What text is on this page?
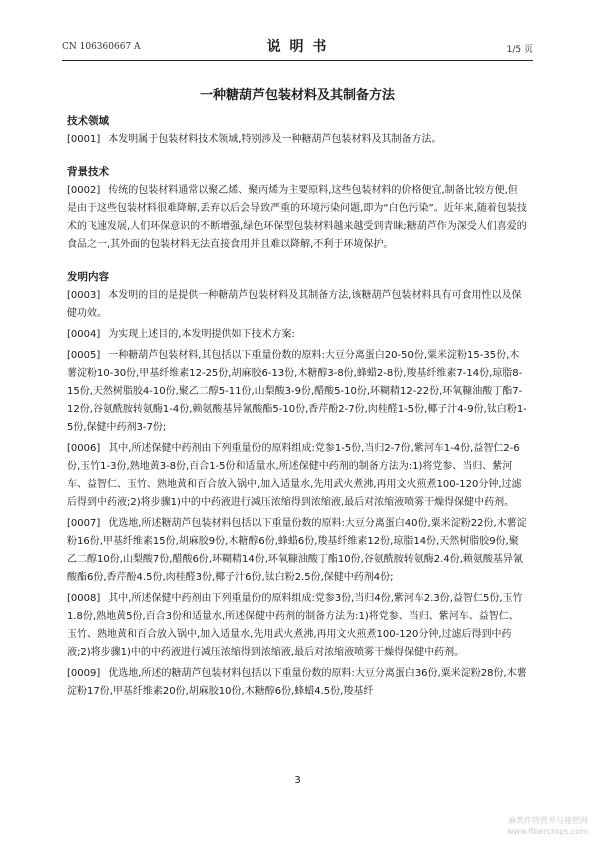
CN 106360667 A	说 明 书	1/5 页
一种糖葫芦包装材料及其制备方法
技术领域
[0001] 本发明属于包装材料技术领域,特别涉及一种糖葫芦包装材料及其制备方法。
背景技术
[0002] 传统的包装材料通常以聚乙烯、聚丙烯为主要原料,这些包装材料的价格便宜,制备比较方便,但是由于这些包装材料很难降解,丢弃以后会导致严重的环境污染问题,即为“白色污染”。近年来,随着包装技术的飞速发展,人们环保意识的不断增强,绿色环保型包装材料越来越受到青睐;糖葫芦作为深受人们喜爱的食品之一,其外面的包装材料无法直接食用并且难以降解,不利于环境保护。
发明内容
[0003] 本发明的目的是提供一种糖葫芦包装材料及其制备方法,该糖葫芦包装材料具有可食用性以及保健功效。
[0004] 为实现上述目的,本发明提供如下技术方案:
[0005] 一种糖葫芦包装材料,其包括以下重量份数的原料:大豆分离蛋白20-50份,粟米淀粉15-35份,木薯淀粉10-30份,甲基纤维素12-25份,胡麻胶6-13份,木糖醇3-8份,蜂蜡2-8份,羧基纤维素7-14份,琼脂8-15份,天然树脂胶4-10份,聚乙二醇5-11份,山梨酸3-9份,醋酸5-10份,环糊精12-22份,环氧糠油酸丁酯7-12份,谷氨酰胺转氨酶1-4份,赖氨酸基异氰酸酯5-10份,香芹酚2-7份,肉桂醛1-5份,椰子汁4-9份,钛白粉1-5份,保健中药剂3-7份;
[0006] 其中,所述保健中药剂由下列重量份的原料组成:党参1-5份,当归2-7份,紫河车1-4份,益智仁2-6份,玉竹1-3份,熟地黄3-8份,百合1-5份和适量水,所述保健中药剂的制备方法为:1)将党参、当归、紫河车、益智仁、玉竹、熟地黄和百合放入锅中,加入适量水,先用武火煮沸,再用文火煎煮100-120分钟,过滤后得到中药液;2)将步骤1)中的中药液进行减压浓缩得到浓缩液,最后对浓缩液喷雾干燥得保健中药剂。
[0007] 优选地,所述糖葫芦包装材料包括以下重量份数的原料:大豆分离蛋白40份,粟米淀粉22份,木薯淀粉16份,甲基纤维素15份,胡麻胶9份,木糖醇6份,蜂蜡6份,羧基纤维素12份,琼脂14份,天然树脂胶9份,聚乙二醇10份,山梨酸7份,醋酸6份,环糊精14份,环氧糠油酸丁酯10份,谷氨酰胺转氨酶2.4份,赖氨酸基异氰酸酯6份,香芹酚4.5份,肉桂醛3份,椰子汁6份,钛白粉2.5份,保健中药剂4份;
[0008] 其中,所述保健中药剂由下列重量份的原料组成:党参3份,当归4份,紫河车2.3份,益智仁5份,玉竹1.8份,熟地黄5份,百合3份和适量水,所述保健中药剂的制备方法为:1)将党参、当归、紫河车、益智仁、玉竹、熟地黄和百合放入锅中,加入适量水,先用武火煮沸,再用文火煎煮100-120分钟,过滤后得到中药液;2)将步骤1)中的中药液进行减压浓缩得到浓缩液,最后对浓缩液喷雾干燥得保健中药剂。
[0009] 优选地,所述的糖葫芦包装材料包括以下重量份数的原料:大豆分离蛋白36份,粟米淀粉28份,木薯淀粉17份,甲基纤维素20份,胡麻胶10份,木糖醇6份,蜂蜡4.5份,羧基纤
3
麻类作物营养与施肥网
www.fibercrops.com
